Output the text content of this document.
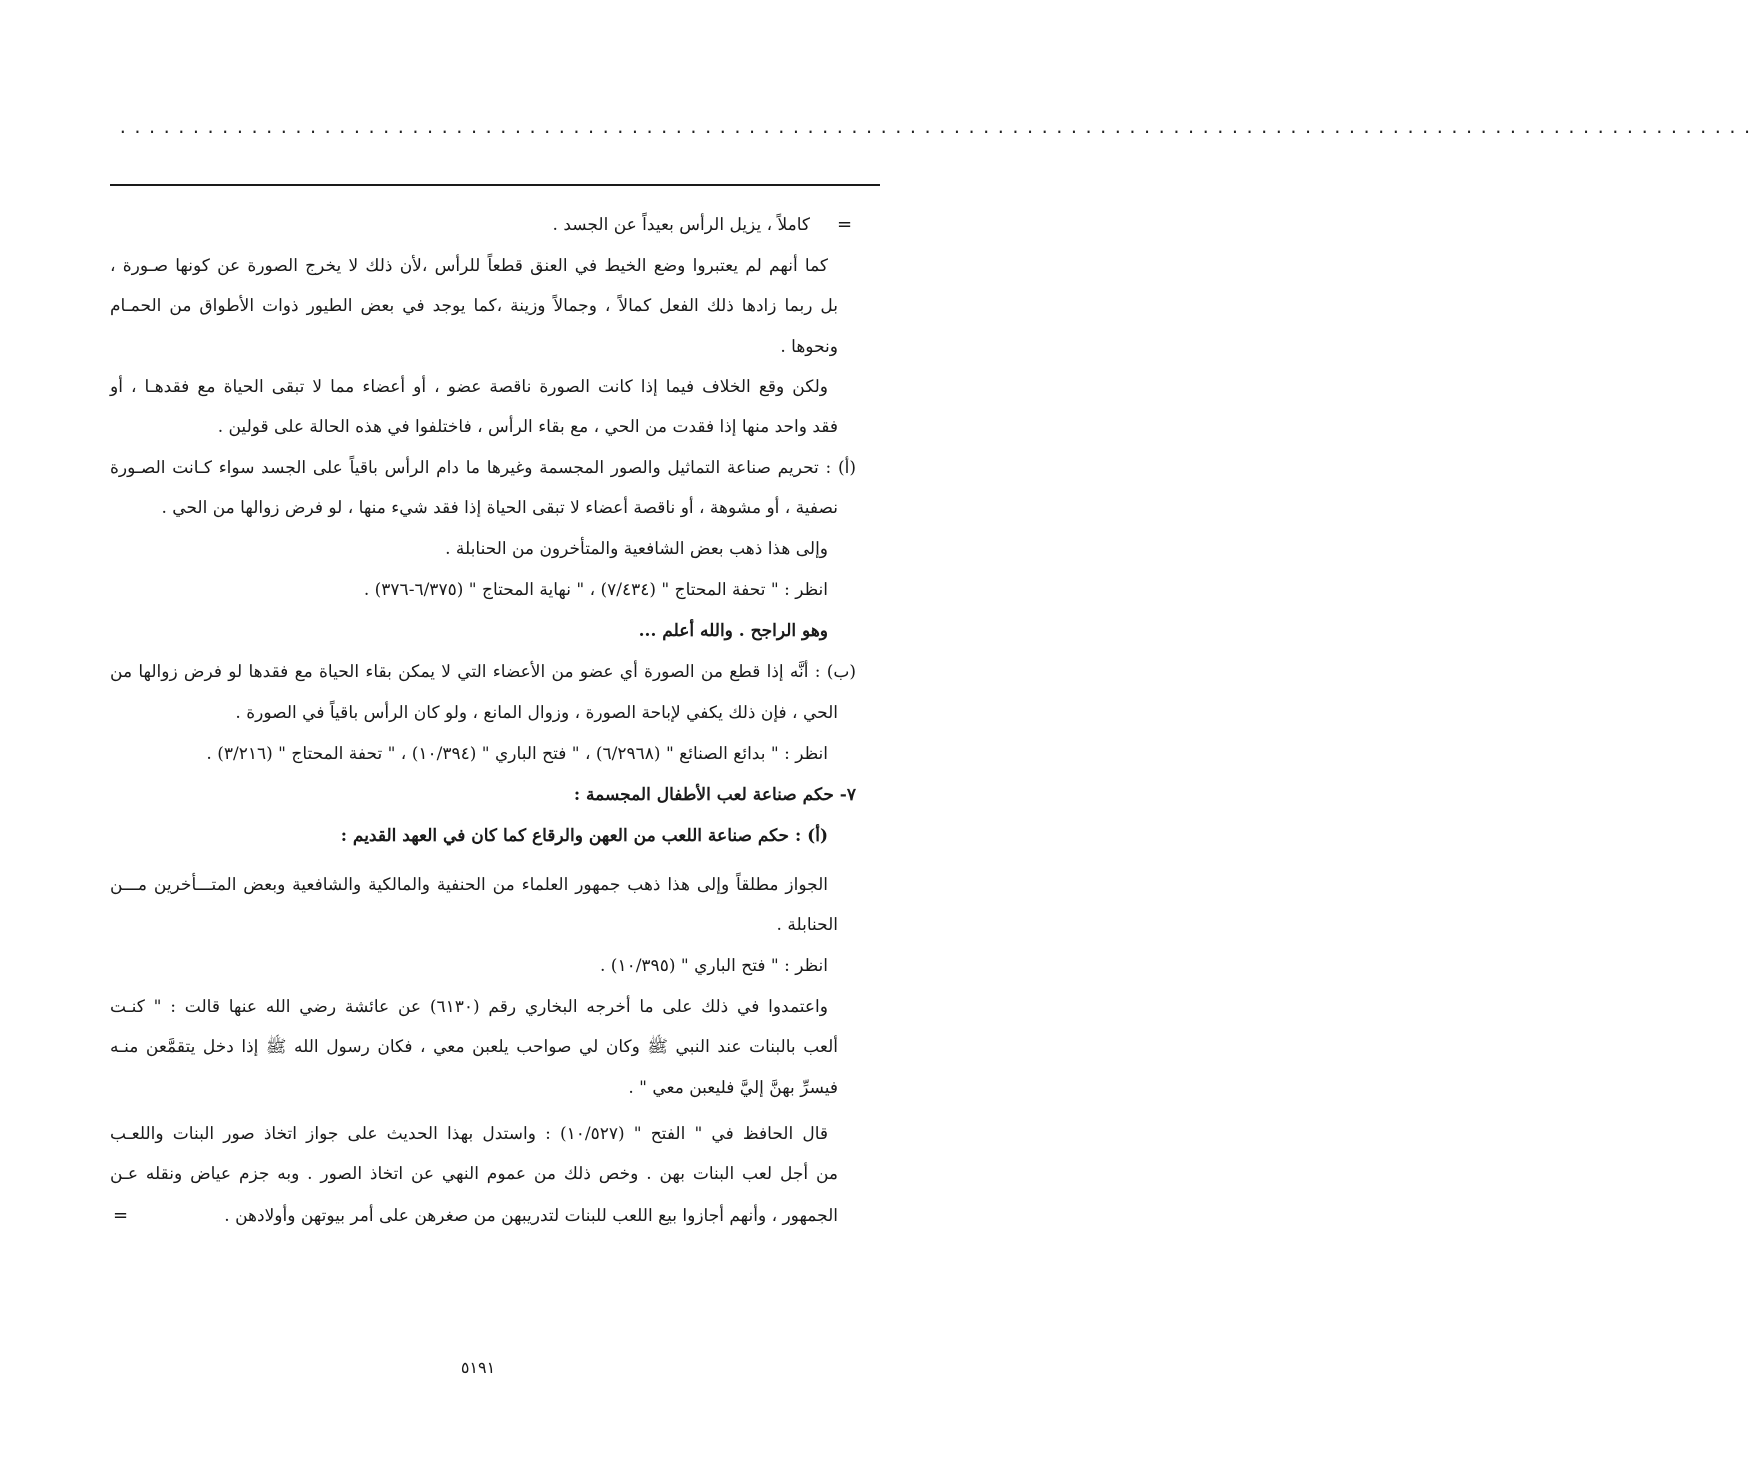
................................................................................................................
=
=
كاملاً ، يزيل الرأس بعيداً عن الجسد .
كما أنهم لم يعتبروا وضع الخيط في العنق قطعاً للرأس ،لأن ذلك لا يخرج الصورة عن كونها صـورة ،
بل ربما زادها ذلك الفعل كمالاً ، وجمالاً وزينة ،كما يوجد في بعض الطيور ذوات الأطواق من الحمـام
ونحوها .
ولكن وقع الخلاف فيما إذا كانت الصورة ناقصة عضو ، أو أعضاء مما لا تبقى الحياة مع فقدهـا ، أو
فقد واحد منها إذا فقدت من الحي ، مع بقاء الرأس ، فاختلفوا في هذه الحالة على قولين .
(أ) : تحريم صناعة التماثيل والصور المجسمة وغيرها ما دام الرأس باقياً على الجسد سواء كـانت الصـورة
نصفية ، أو مشوهة ، أو ناقصة أعضاء لا تبقى الحياة إذا فقد شيء منها ، لو فرض زوالها من الحي .
وإلى هذا ذهب بعض الشافعية والمتأخرون من الحنابلة .
انظر : " تحفة المحتاج " (٧/٤٣٤) ، " نهاية المحتاج " (٦/٣٧٥-٣٧٦) .
وهو الراجح . والله أعلم ...
(ب) : أنَّه إذا قطع من الصورة أي عضو من الأعضاء التي لا يمكن بقاء الحياة مع فقدها لو فرض زوالها من
الحي ، فإن ذلك يكفي لإباحة الصورة ، وزوال المانع ، ولو كان الرأس باقياً في الصورة .
انظر : " بدائع الصنائع " (٦/٢٩٦٨) ، " فتح الباري " (١٠/٣٩٤) ، " تحفة المحتاج " (٣/٢١٦) .
٧- حكم صناعة لعب الأطفال المجسمة :
(أ) : حكم صناعة اللعب من العهن والرقاع كما كان في العهد القديم :
الجواز مطلقاً وإلى هذا ذهب جمهور العلماء من الحنفية والمالكية والشافعية وبعض المتـــأخرين مـــن
الحنابلة .
انظر : " فتح الباري " (١٠/٣٩٥) .
واعتمدوا في ذلك على ما أخرجه البخاري رقم (٦١٣٠) عن عائشة رضي الله عنها قالت : " كنـت
ألعب بالبنات عند النبي ﷺ وكان لي صواحب يلعبن معي ، فكان رسول الله ﷺ إذا دخل يتقمَّعن منـه
فيسرِّ بهنَّ إليَّ فليعبن معي " .
قال الحافظ في " الفتح " (١٠/٥٢٧) : واستدل بهذا الحديث على جواز اتخاذ صور البنات واللعـب
من أجل لعب البنات بهن . وخص ذلك من عموم النهي عن اتخاذ الصور . وبه جزم عياض ونقله عـن
الجمهور ، وأنهم أجازوا بيع اللعب للبنات لتدريبهن من صغرهن على أمر بيوتهن وأولادهن .
٥١٩١
